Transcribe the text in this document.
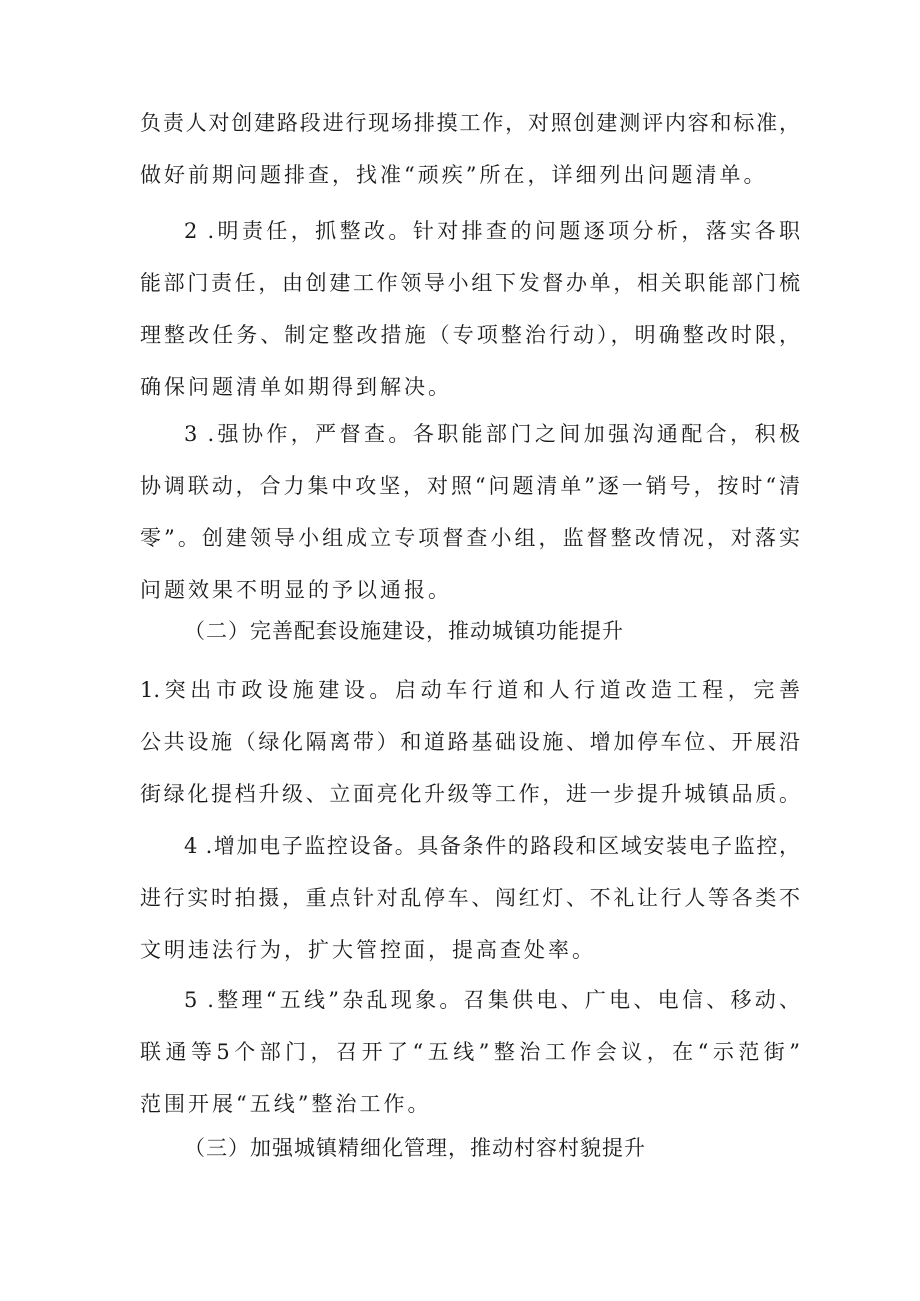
负责人对创建路段进行现场排摸工作，对照创建测评内容和标准，
做好前期问题排查，找准“顽疾”所在，详细列出问题清单。

2 .明责任，抓整改。针对排查的问题逐项分析，落实各职
能部门责任，由创建工作领导小组下发督办单，相关职能部门梳
理整改任务、制定整改措施（专项整治行动），明确整改时限，
确保问题清单如期得到解决。

3 .强协作，严督查。各职能部门之间加强沟通配合，积极
协调联动，合力集中攻坚，对照“问题清单”逐一销号，按时“清
零”。创建领导小组成立专项督查小组，监督整改情况，对落实
问题效果不明显的予以通报。

（二）完善配套设施建设，推动城镇功能提升

1.突出市政设施建设。启动车行道和人行道改造工程，完善
公共设施（绿化隔离带）和道路基础设施、增加停车位、开展沿
街绿化提档升级、立面亮化升级等工作，进一步提升城镇品质。

4 .增加电子监控设备。具备条件的路段和区域安装电子监控，
进行实时拍摄，重点针对乱停车、闯红灯、不礼让行人等各类不
文明违法行为，扩大管控面，提高查处率。

5 .整理“五线”杂乱现象。召集供电、广电、电信、移动、
联通等5个部门，召开了“五线”整治工作会议，在“示范街”
范围开展“五线”整治工作。

（三）加强城镇精细化管理，推动村容村貌提升
